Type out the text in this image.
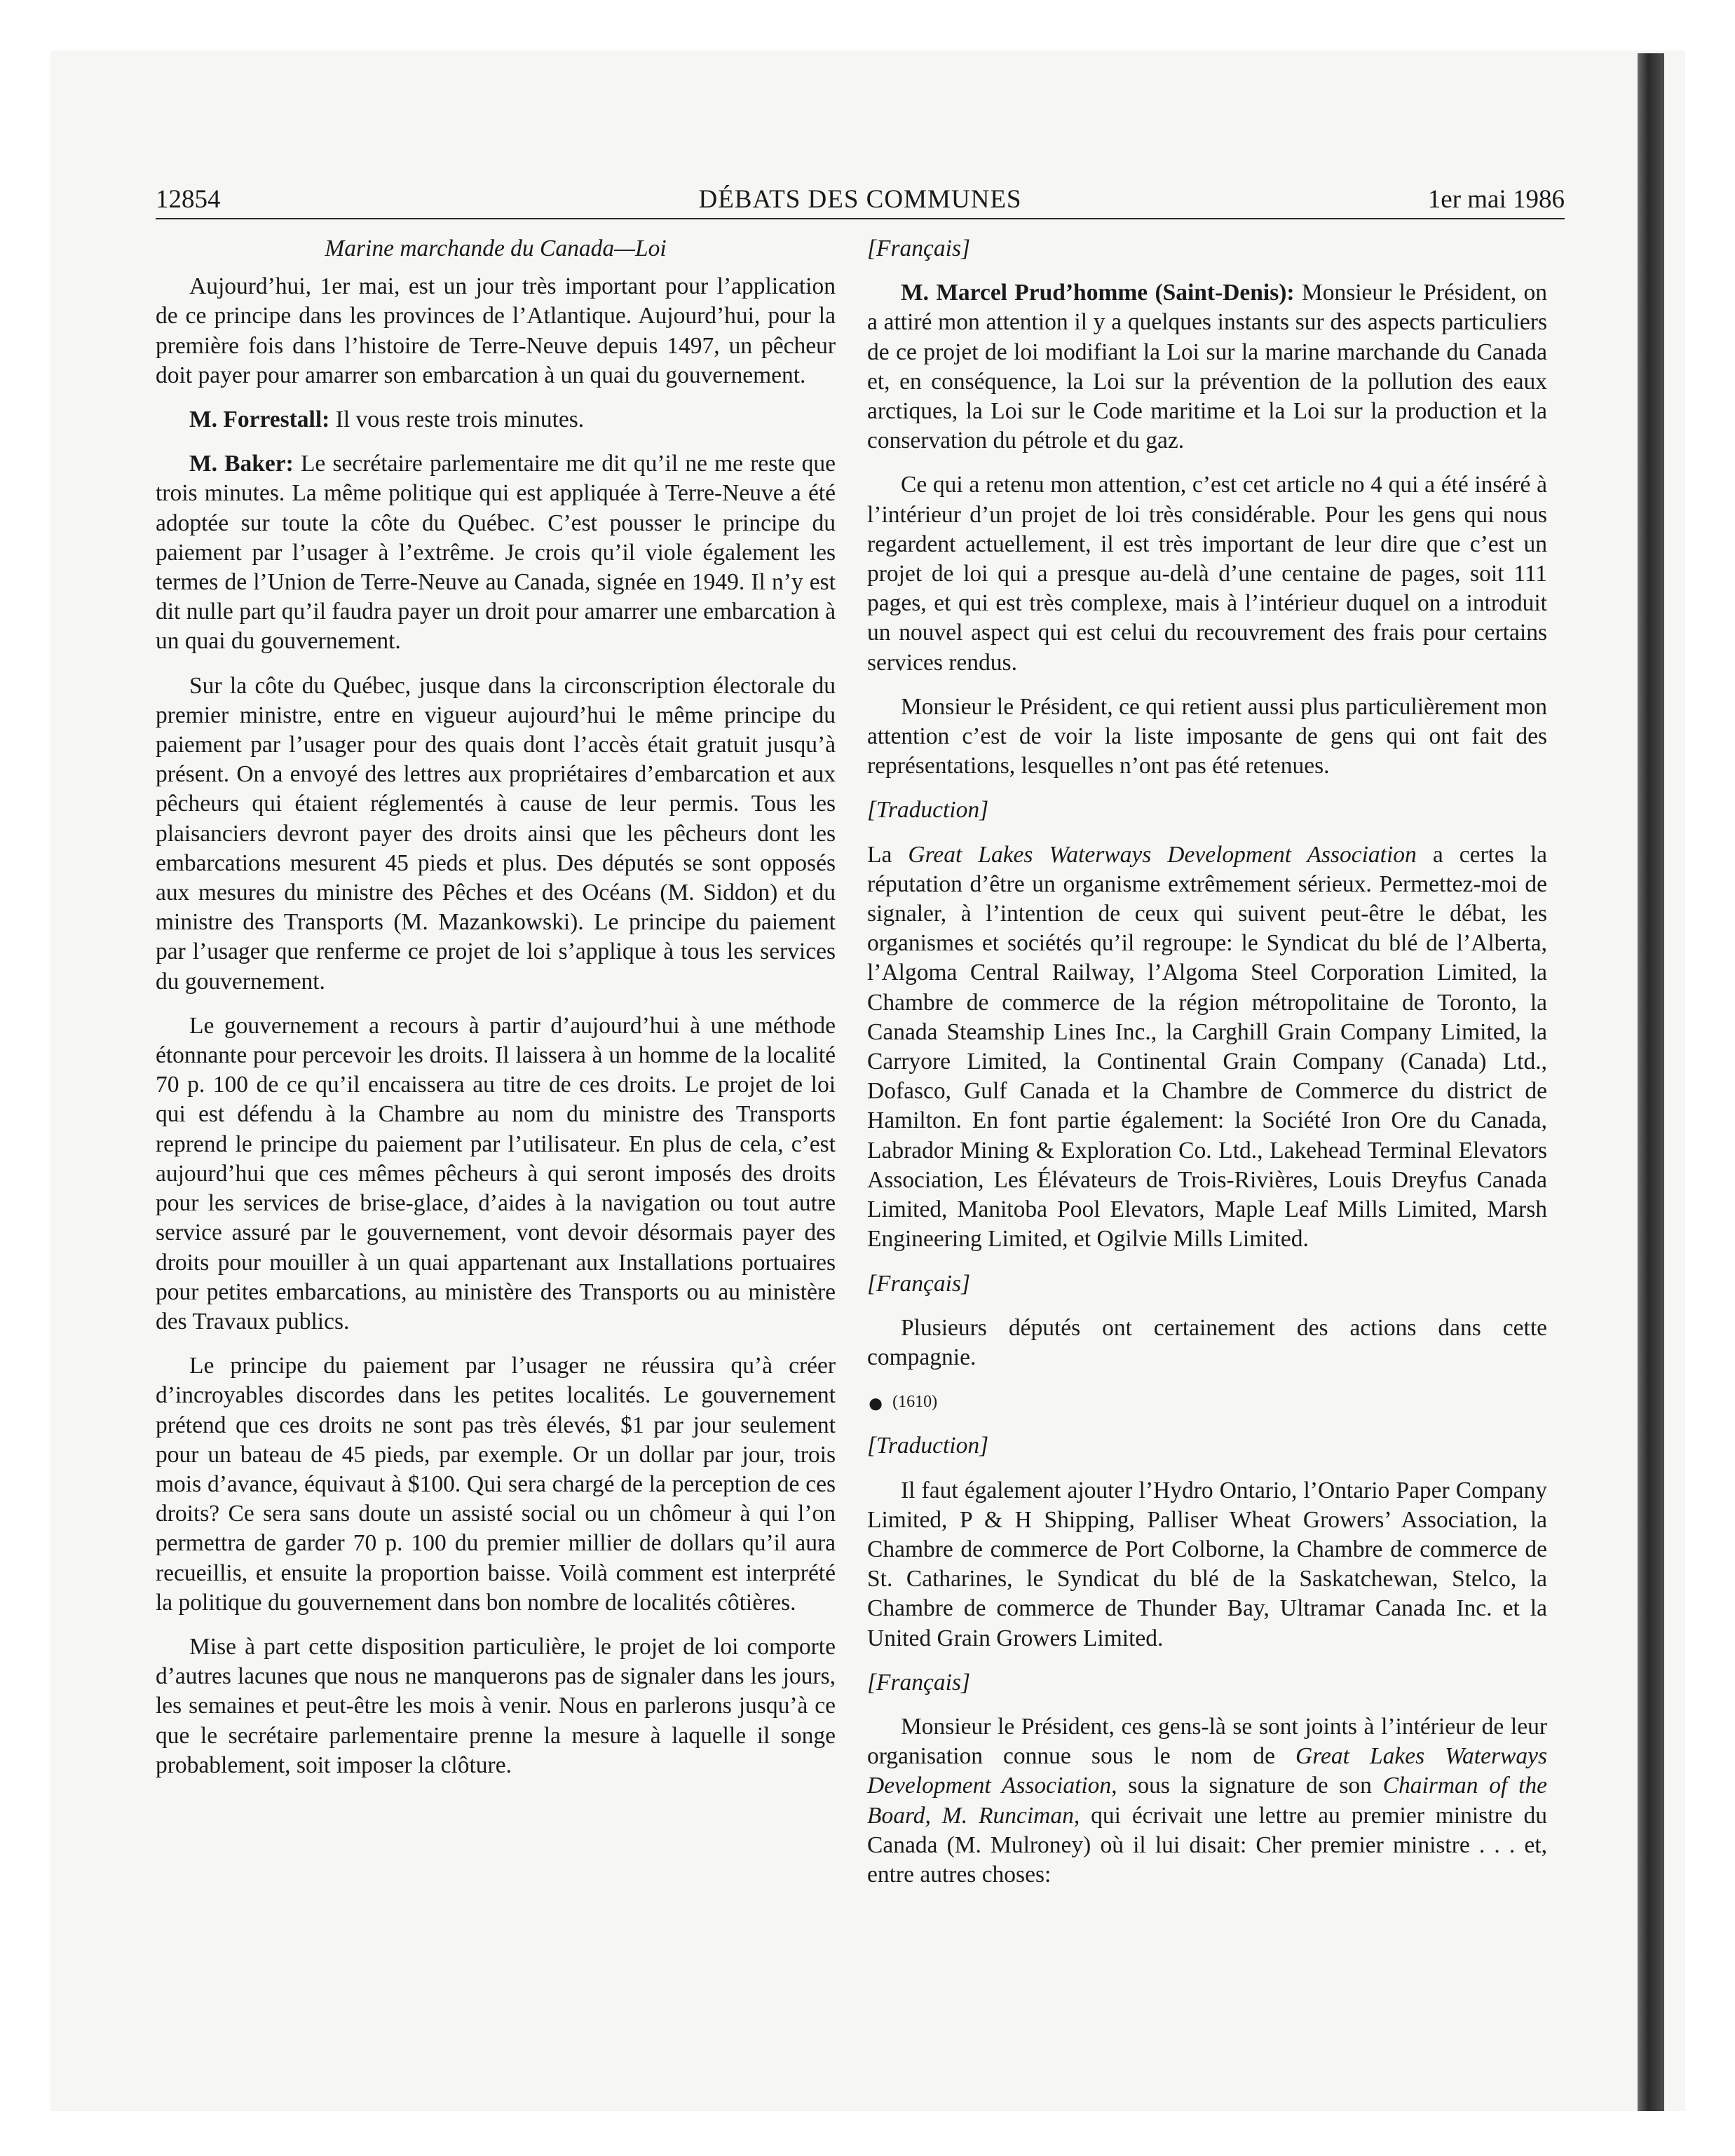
12854	DÉBATS DES COMMUNES	1er mai 1986
Marine marchande du Canada—Loi

Aujourd’hui, 1er mai, est un jour très important pour l’application de ce principe dans les provinces de l’Atlantique. Aujourd’hui, pour la première fois dans l’histoire de Terre-Neuve depuis 1497, un pêcheur doit payer pour amarrer son embarcation à un quai du gouvernement.

M. Forrestall: Il vous reste trois minutes.

M. Baker: Le secrétaire parlementaire me dit qu’il ne me reste que trois minutes. La même politique qui est appliquée à Terre-Neuve a été adoptée sur toute la côte du Québec. C’est pousser le principe du paiement par l’usager à l’extrême. Je crois qu’il viole également les termes de l’Union de Terre-Neuve au Canada, signée en 1949. Il n’y est dit nulle part qu’il faudra payer un droit pour amarrer une embarcation à un quai du gouvernement.

Sur la côte du Québec, jusque dans la circonscription électorale du premier ministre, entre en vigueur aujourd’hui le même principe du paiement par l’usager pour des quais dont l’accès était gratuit jusqu’à présent. On a envoyé des lettres aux propriétaires d’embarcation et aux pêcheurs qui étaient réglementés à cause de leur permis. Tous les plaisanciers devront payer des droits ainsi que les pêcheurs dont les embarcations mesurent 45 pieds et plus. Des députés se sont opposés aux mesures du ministre des Pêches et des Océans (M. Siddon) et du ministre des Transports (M. Mazankowski). Le principe du paiement par l’usager que renferme ce projet de loi s’applique à tous les services du gouvernement.

Le gouvernement a recours à partir d’aujourd’hui à une méthode étonnante pour percevoir les droits. Il laissera à un homme de la localité 70 p. 100 de ce qu’il encaissera au titre de ces droits. Le projet de loi qui est défendu à la Chambre au nom du ministre des Transports reprend le principe du paiement par l’utilisateur. En plus de cela, c’est aujourd’hui que ces mêmes pêcheurs à qui seront imposés des droits pour les services de brise-glace, d’aides à la navigation ou tout autre service assuré par le gouvernement, vont devoir désormais payer des droits pour mouiller à un quai appartenant aux Installations portuaires pour petites embarcations, au ministère des Transports ou au ministère des Travaux publics.

Le principe du paiement par l’usager ne réussira qu’à créer d’incroyables discordes dans les petites localités. Le gouvernement prétend que ces droits ne sont pas très élevés, $1 par jour seulement pour un bateau de 45 pieds, par exemple. Or un dollar par jour, trois mois d’avance, équivaut à $100. Qui sera chargé de la perception de ces droits? Ce sera sans doute un assisté social ou un chômeur à qui l’on permettra de garder 70 p. 100 du premier millier de dollars qu’il aura recueillis, et ensuite la proportion baisse. Voilà comment est interprété la politique du gouvernement dans bon nombre de localités côtières.

Mise à part cette disposition particulière, le projet de loi comporte d’autres lacunes que nous ne manquerons pas de signaler dans les jours, les semaines et peut-être les mois à venir. Nous en parlerons jusqu’à ce que le secrétaire parlementaire prenne la mesure à laquelle il songe probablement, soit imposer la clôture.

[Français]

M. Marcel Prud’homme (Saint-Denis): Monsieur le Président, on a attiré mon attention il y a quelques instants sur des aspects particuliers de ce projet de loi modifiant la Loi sur la marine marchande du Canada et, en conséquence, la Loi sur la prévention de la pollution des eaux arctiques, la Loi sur le Code maritime et la Loi sur la production et la conservation du pétrole et du gaz.

Ce qui a retenu mon attention, c’est cet article no 4 qui a été inséré à l’intérieur d’un projet de loi très considérable. Pour les gens qui nous regardent actuellement, il est très important de leur dire que c’est un projet de loi qui a presque au-delà d’une centaine de pages, soit 111 pages, et qui est très complexe, mais à l’intérieur duquel on a introduit un nouvel aspect qui est celui du recouvrement des frais pour certains services rendus.

Monsieur le Président, ce qui retient aussi plus particulièrement mon attention c’est de voir la liste imposante de gens qui ont fait des représentations, lesquelles n’ont pas été retenues.

[Traduction]

La Great Lakes Waterways Development Association a certes la réputation d’être un organisme extrêmement sérieux. Permettez-moi de signaler, à l’intention de ceux qui suivent peut-être le débat, les organismes et sociétés qu’il regroupe: le Syndicat du blé de l’Alberta, l’Algoma Central Railway, l’Algoma Steel Corporation Limited, la Chambre de commerce de la région métropolitaine de Toronto, la Canada Steamship Lines Inc., la Carghill Grain Company Limited, la Carryore Limited, la Continental Grain Company (Canada) Ltd., Dofasco, Gulf Canada et la Chambre de Commerce du district de Hamilton. En font partie également: la Société Iron Ore du Canada, Labrador Mining & Exploration Co. Ltd., Lakehead Terminal Elevators Association, Les Élévateurs de Trois-Rivières, Louis Dreyfus Canada Limited, Manitoba Pool Elevators, Maple Leaf Mills Limited, Marsh Engineering Limited, et Ogilvie Mills Limited.

[Français]

Plusieurs députés ont certainement des actions dans cette compagnie.

● (1610)
[Traduction]

Il faut également ajouter l’Hydro Ontario, l’Ontario Paper Company Limited, P & H Shipping, Palliser Wheat Growers’ Association, la Chambre de commerce de Port Colborne, la Chambre de commerce de St. Catharines, le Syndicat du blé de la Saskatchewan, Stelco, la Chambre de commerce de Thunder Bay, Ultramar Canada Inc. et la United Grain Growers Limited.

[Français]

Monsieur le Président, ces gens-là se sont joints à l’intérieur de leur organisation connue sous le nom de Great Lakes Waterways Development Association, sous la signature de son Chairman of the Board, M. Runciman, qui écrivait une lettre au premier ministre du Canada (M. Mulroney) où il lui disait: Cher premier ministre . . . et, entre autres choses:
